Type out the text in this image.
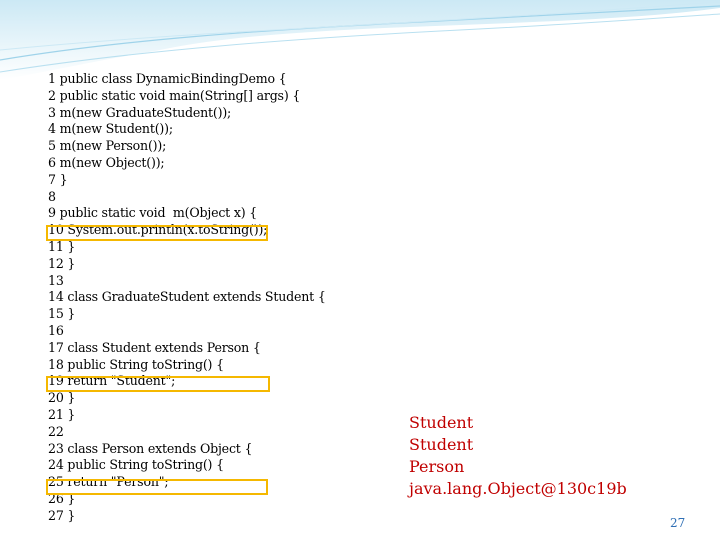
1 public class DynamicBindingDemo {
2 public static void main(String[] args) {
3 m(new GraduateStudent());
4 m(new Student());
5 m(new Person());
6 m(new Object());
7 }
8
9 public static void  m(Object x) {
10 System.out.println(x.toString());
11 }
12 }
13
14 class GraduateStudent extends Student {
15 }
16
17 class Student extends Person {
18 public String toString() {
19 return "Student";
20 }
21 }
22
23 class Person extends Object {
24 public String toString() {
25 return "Person";
26 }
27 }
Student
Student
Person
java.lang.Object@130c19b
27
